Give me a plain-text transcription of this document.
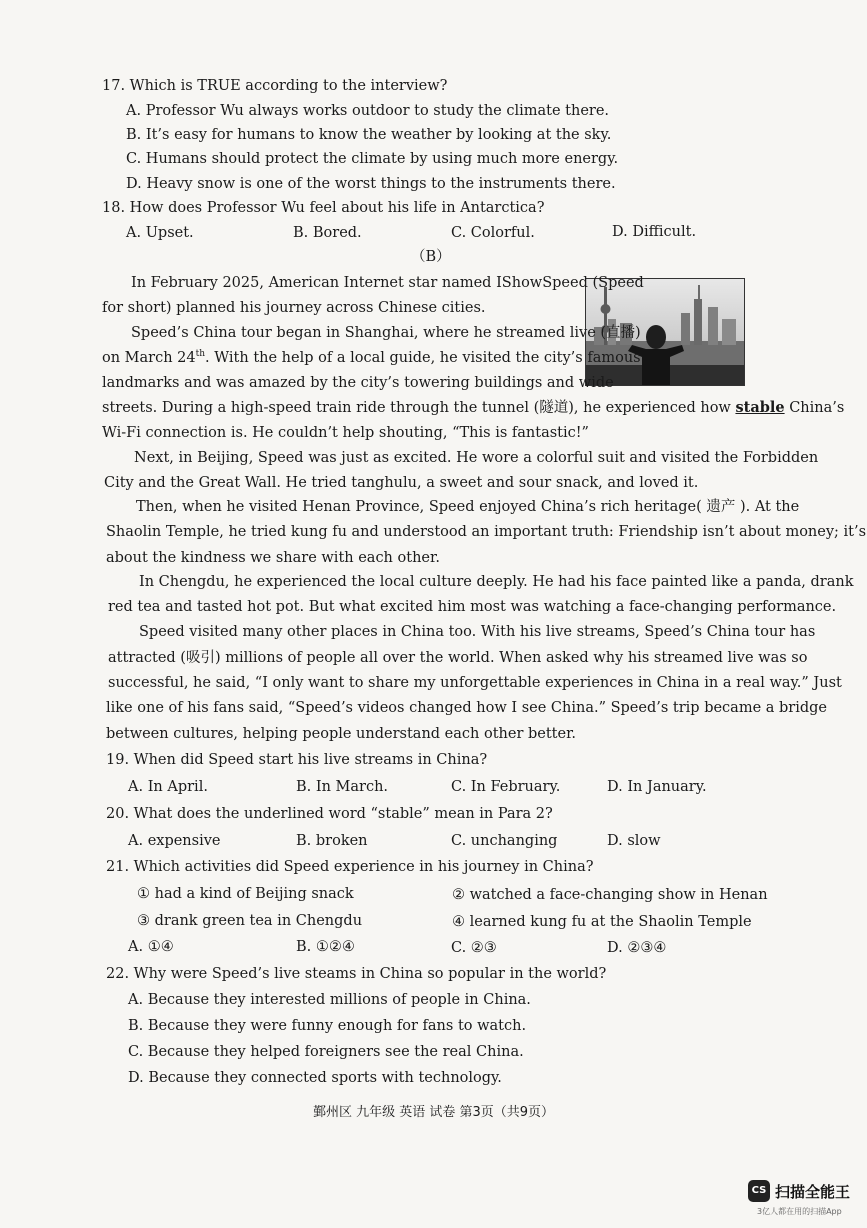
17. Which is TRUE according to the interview?
A. Professor Wu always works outdoor to study the climate there.
B. It’s easy for humans to know the weather by looking at the sky.
C. Humans should protect the climate by using much more energy.
D. Heavy snow is one of the worst things to the instruments there.
18. How does Professor Wu feel about his life in Antarctica?
A. Upset.	B. Bored.	C. Colorful.	D. Difficult.
（B）
In February 2025, American Internet star named IShowSpeed (Speed
for short) planned his journey across Chinese cities.
Speed’s China tour began in Shanghai, where he streamed live (直播)
on March 24th. With the help of a local guide, he visited the city’s famous
landmarks and was amazed by the city’s towering buildings and wide
streets. During a high-speed train ride through the tunnel (隧道), he experienced how stable China’s
Wi-Fi connection is. He couldn’t help shouting, “This is fantastic!”
Next, in Beijing, Speed was just as excited. He wore a colorful suit and visited the Forbidden
City and the Great Wall. He tried tanghulu, a sweet and sour snack, and loved it.
Then, when he visited Henan Province, Speed enjoyed China’s rich heritage( 遗产 ). At the
Shaolin Temple, he tried kung fu and understood an important truth: Friendship isn’t about money; it’s
about the kindness we share with each other.
In Chengdu, he experienced the local culture deeply. He had his face painted like a panda, drank
red tea and tasted hot pot. But what excited him most was watching a face-changing performance.
Speed visited many other places in China too. With his live streams, Speed’s China tour has
attracted (吸引) millions of people all over the world. When asked why his streamed live was so
successful, he said, “I only want to share my unforgettable experiences in China in a real way.” Just
like one of his fans said, “Speed’s videos changed how I see China.” Speed’s trip became a bridge
between cultures, helping people understand each other better.
19. When did Speed start his live streams in China?
A. In April.	B. In March.	C. In February.	D. In January.
20. What does the underlined word “stable” mean in Para 2?
A. expensive	B. broken	C. unchanging	D. slow
21. Which activities did Speed experience in his journey in China?
① had a kind of Beijing snack	② watched a face-changing show in Henan
③ drank green tea in Chengdu	④ learned kung fu at the Shaolin Temple
A. ①④	B. ①②④	C. ②③	D. ②③④
22. Why were Speed’s live steams in China so popular in the world?
A. Because they interested millions of people in China.
B. Because they were funny enough for fans to watch.
C. Because they helped foreigners see the real China.
D. Because they connected sports with technology.
鄞州区 九年级 英语 试卷 第3页（共9页）
CS 扫描全能王
3亿人都在用的扫描App
